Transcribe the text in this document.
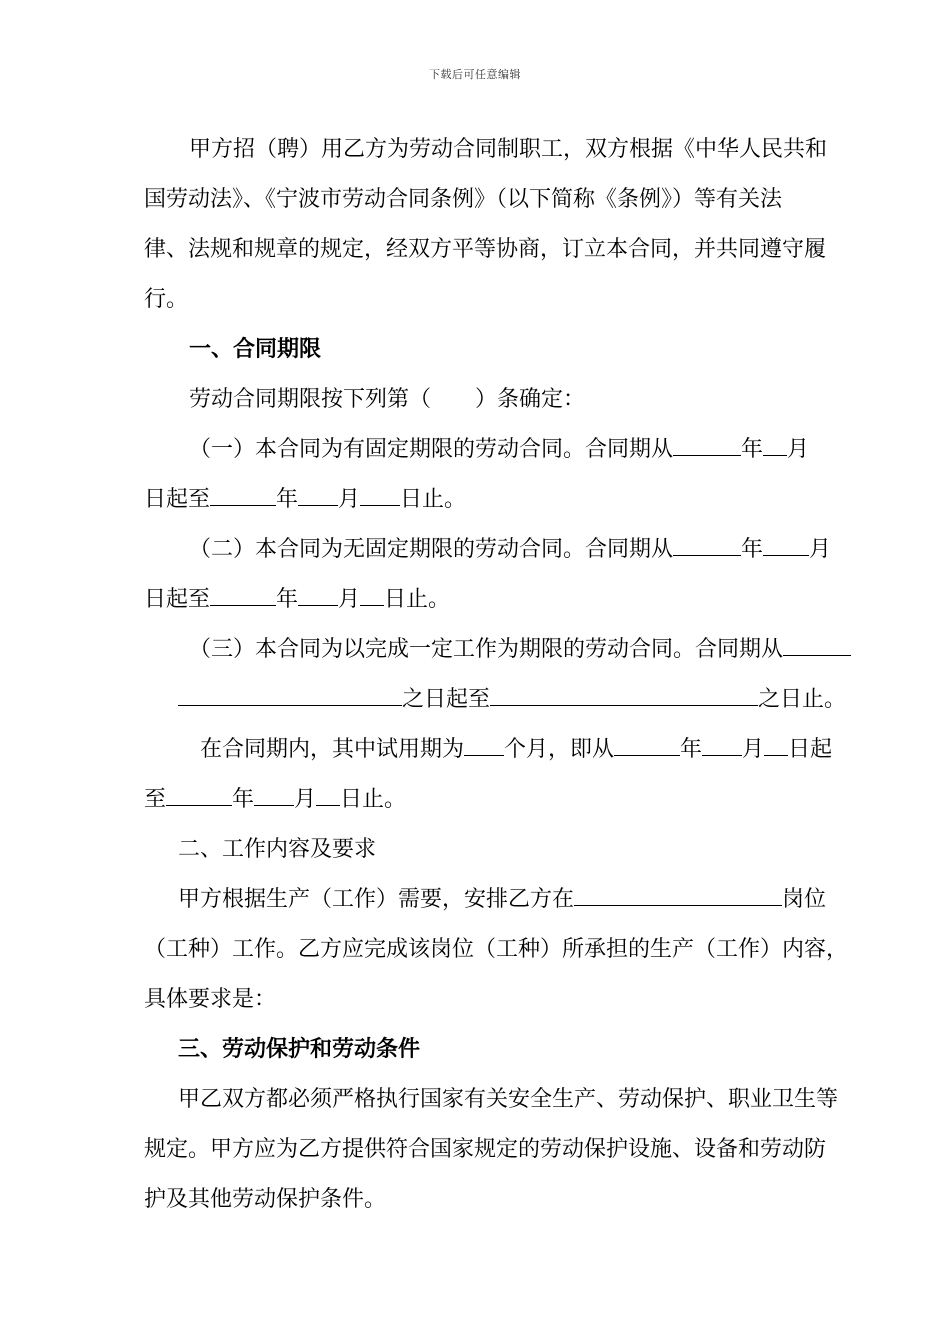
下载后可任意编辑
甲方招（聘）用乙方为劳动合同制职工，双方根据《中华人民共和
国劳动法》、《宁波市劳动合同条例》（以下简称《条例》）等有关法
律、法规和规章的规定，经双方平等协商，订立本合同，并共同遵守履
行。
一、合同期限
劳动合同期限按下列第（　　）条确定：
（一）本合同为有固定期限的劳动合同。合同期从	年 月
日起至	年 月 日止。
（二）本合同为无固定期限的劳动合同。合同期从	年 月
日起至	年 月 日止。
（三）本合同为以完成一定工作为期限的劳动合同。合同期从
之日起至	之日止。
在合同期内，其中试用期为 个月，即从	年 月 日起
至	年 月 日止。
二、工作内容及要求
甲方根据生产（工作）需要，安排乙方在	岗位
（工种）工作。乙方应完成该岗位（工种）所承担的生产（工作）内容，
具体要求是：
三、劳动保护和劳动条件
甲乙双方都必须严格执行国家有关安全生产、劳动保护、职业卫生等
规定。甲方应为乙方提供符合国家规定的劳动保护设施、设备和劳动防
护及其他劳动保护条件。
